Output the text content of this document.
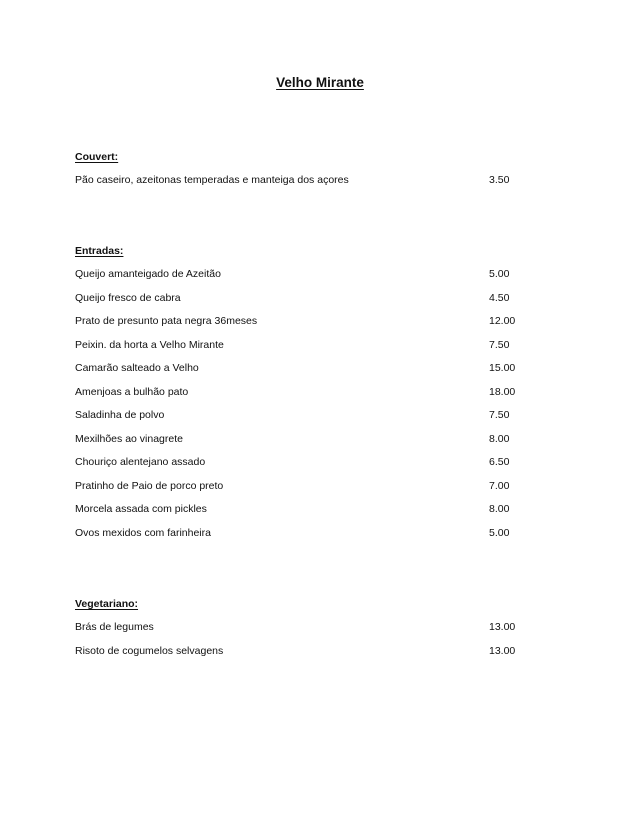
Velho Mirante
Couvert:
Pão caseiro, azeitonas temperadas e manteiga dos açores	3.50
Entradas:
Queijo amanteigado de Azeitão	5.00
Queijo fresco de cabra	4.50
Prato de presunto pata negra 36meses	12.00
Peixin. da horta a Velho Mirante	7.50
Camarão salteado a Velho	15.00
Amenjoas a bulhão pato	18.00
Saladinha de polvo	7.50
Mexilhões ao vinagrete	8.00
Chouriço alentejano assado	6.50
Pratinho de Paio de porco preto	7.00
Morcela assada com pickles	8.00
Ovos mexidos com farinheira	5.00
Vegetariano:
Brás de legumes	13.00
Risoto de cogumelos selvagens	13.00
